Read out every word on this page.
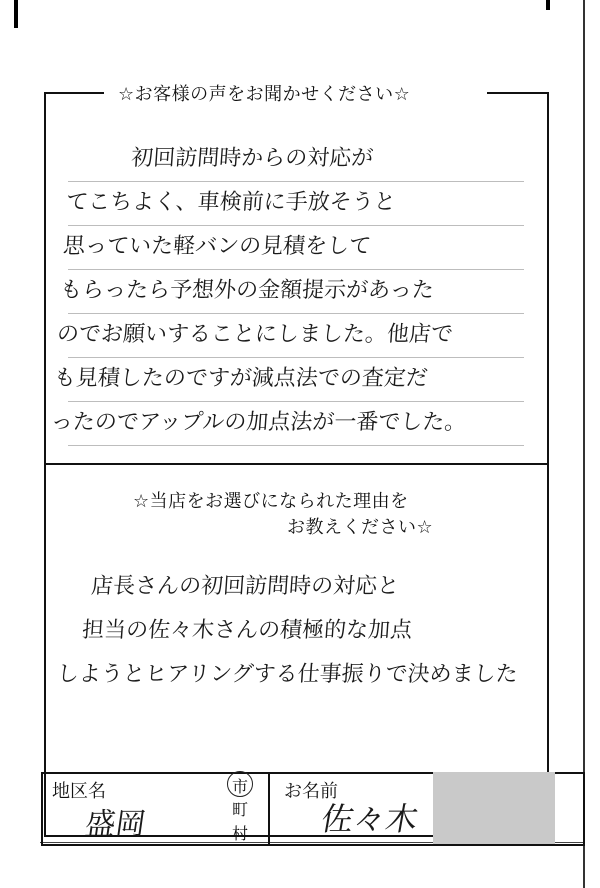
☆お客様の声をお聞かせください☆
初回訪問時からの対応が
てこちよく、車検前に手放そうと
思っていた軽バンの見積をして
もらったら予想外の金額提示があった
のでお願いすることにしました。他店で
も見積したのですが減点法での査定だ
ったのでアップルの加点法が一番でした。
☆当店をお選びになられた理由を
お教えください☆
店長さんの初回訪問時の対応と
担当の佐々木さんの積極的な加点
しようとヒアリングする仕事振りで決めました
地区名
盛岡
市
町
村
お名前
佐々木
